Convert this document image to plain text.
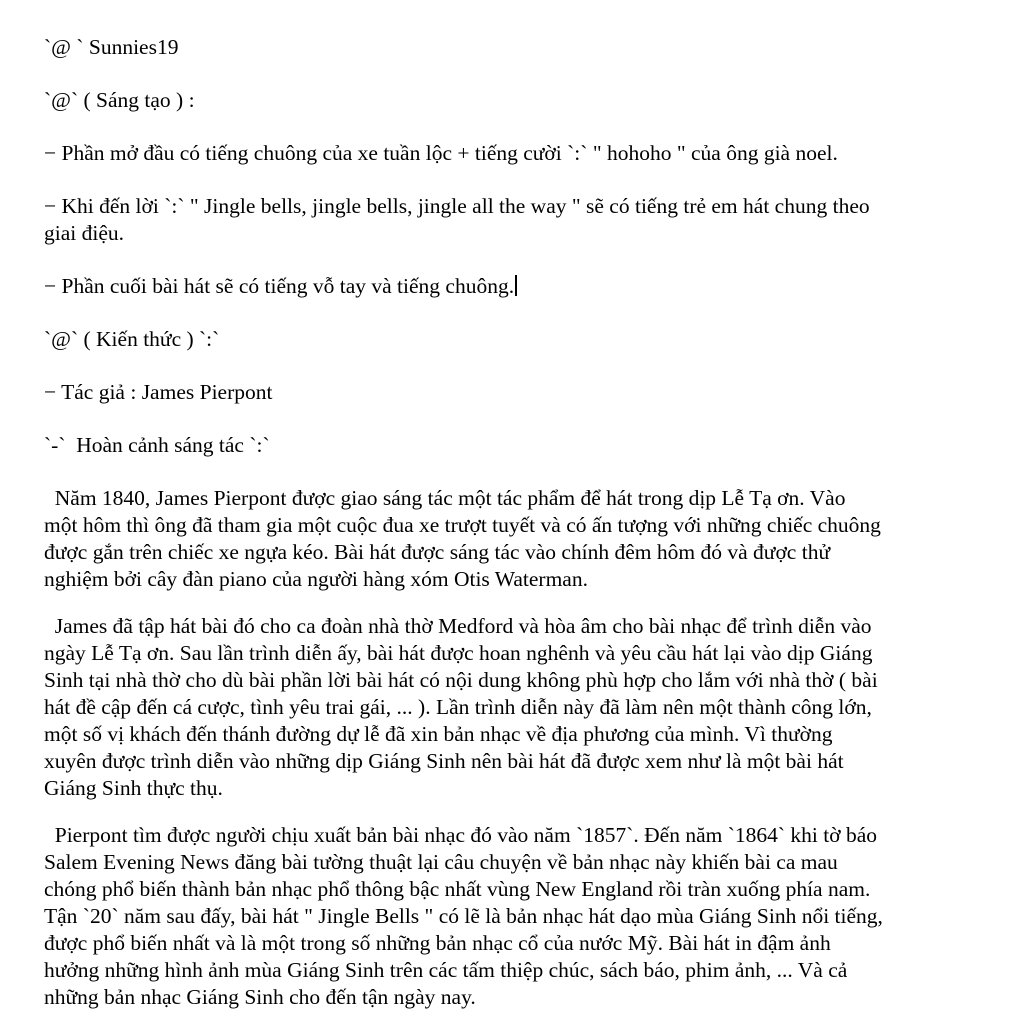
`@ ` Sunnies19
`@` ( Sáng tạo ) :
− Phần mở đầu có tiếng chuông của xe tuần lộc + tiếng cười `:` " hohoho " của ông già noel.
− Khi đến lời `:` " Jingle bells, jingle bells, jingle all the way " sẽ có tiếng trẻ em hát chung theo
giai điệu.
− Phần cuối bài hát sẽ có tiếng vỗ tay và tiếng chuông.
`@` ( Kiến thức ) `:`
− Tác giả : James Pierpont
`-`  Hoàn cảnh sáng tác `:`
Năm 1840, James Pierpont được giao sáng tác một tác phẩm để hát trong dịp Lễ Tạ ơn. Vào
một hôm thì ông đã tham gia một cuộc đua xe trượt tuyết và có ấn tượng với những chiếc chuông
được gắn trên chiếc xe ngựa kéo. Bài hát được sáng tác vào chính đêm hôm đó và được thử
nghiệm bởi cây đàn piano của người hàng xóm Otis Waterman.
James đã tập hát bài đó cho ca đoàn nhà thờ Medford và hòa âm cho bài nhạc để trình diễn vào
ngày Lễ Tạ ơn. Sau lần trình diễn ấy, bài hát được hoan nghênh và yêu cầu hát lại vào dịp Giáng
Sinh tại nhà thờ cho dù bài phần lời bài hát có nội dung không phù hợp cho lắm với nhà thờ ( bài
hát đề cập đến cá cược, tình yêu trai gái, ... ). Lần trình diễn này đã làm nên một thành công lớn,
một số vị khách đến thánh đường dự lễ đã xin bản nhạc về địa phương của mình. Vì thường
xuyên được trình diễn vào những dịp Giáng Sinh nên bài hát đã được xem như là một bài hát
Giáng Sinh thực thụ.
Pierpont tìm được người chịu xuất bản bài nhạc đó vào năm `1857`. Đến năm `1864` khi tờ báo
Salem Evening News đăng bài tường thuật lại câu chuyện về bản nhạc này khiến bài ca mau
chóng phổ biến thành bản nhạc phổ thông bậc nhất vùng New England rồi tràn xuống phía nam.
Tận `20` năm sau đấy, bài hát " Jingle Bells " có lẽ là bản nhạc hát dạo mùa Giáng Sinh nổi tiếng,
được phổ biến nhất và là một trong số những bản nhạc cổ của nước Mỹ. Bài hát in đậm ảnh
hưởng những hình ảnh mùa Giáng Sinh trên các tấm thiệp chúc, sách báo, phim ảnh, ... Và cả
những bản nhạc Giáng Sinh cho đến tận ngày nay.
